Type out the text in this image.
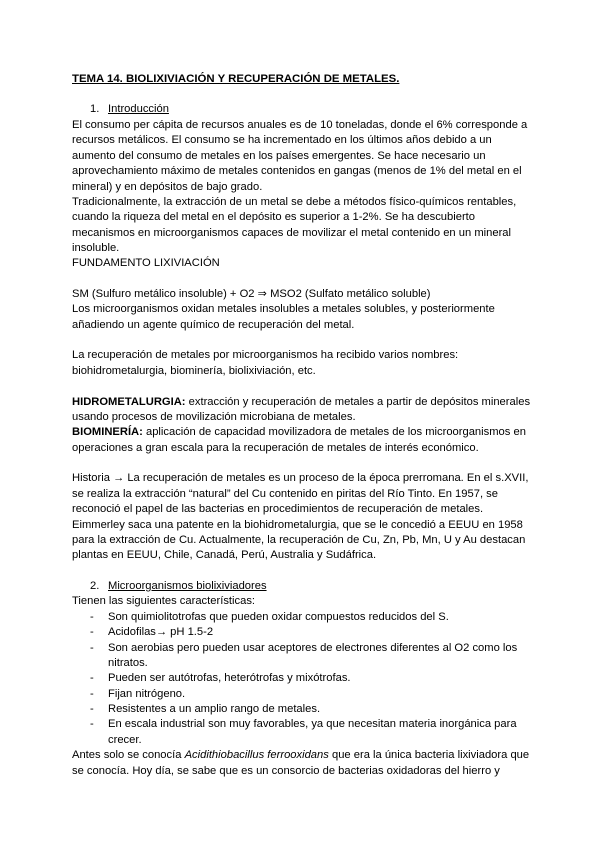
TEMA 14. BIOLIXIVIACIÓN Y RECUPERACIÓN DE METALES.
1. Introducción
El consumo per cápita de recursos anuales es de 10 toneladas, donde el 6% corresponde a
recursos metálicos. El consumo se ha incrementado en los últimos años debido a un
aumento del consumo de metales en los países emergentes. Se hace necesario un
aprovechamiento máximo de metales contenidos en gangas (menos de 1% del metal en el
mineral) y en depósitos de bajo grado.
Tradicionalmente, la extracción de un metal se debe a métodos físico-químicos rentables,
cuando la riqueza del metal en el depósito es superior a 1-2%. Se ha descubierto
mecanismos en microorganismos capaces de movilizar el metal contenido en un mineral
insoluble.
FUNDAMENTO LIXIVIACIÓN
SM (Sulfuro metálico insoluble) + O2 ⇒ MSO2 (Sulfato metálico soluble)
Los microorganismos oxidan metales insolubles a metales solubles, y posteriormente
añadiendo un agente químico de recuperación del metal.
La recuperación de metales por microorganismos ha recibido varios nombres:
biohidrometalurgia, biominería, biolixiviación, etc.
HIDROMETALURGIA: extracción y recuperación de metales a partir de depósitos minerales
usando procesos de movilización microbiana de metales.
BIOMINERÍA: aplicación de capacidad movilizadora de metales de los microorganismos en
operaciones a gran escala para la recuperación de metales de interés económico.
Historia → La recuperación de metales es un proceso de la época prerromana. En el s.XVII,
se realiza la extracción “natural” del Cu contenido en piritas del Río Tinto. En 1957, se
reconoció el papel de las bacterias en procedimientos de recuperación de metales.
Eimmerley saca una patente en la biohidrometalurgia, que se le concedió a EEUU en 1958
para la extracción de Cu. Actualmente, la recuperación de Cu, Zn, Pb, Mn, U y Au destacan
plantas en EEUU, Chile, Canadá, Perú, Australia y Sudáfrica.
2. Microorganismos biolixiviadores
Tienen las siguientes características:
- Son quimiolitotrofas que pueden oxidar compuestos reducidos del S.
- Acidofilas→ pH 1.5-2
- Son aerobias pero pueden usar aceptores de electrones diferentes al O2 como los
nitratos.
- Pueden ser autótrofas, heterótrofas y mixótrofas.
- Fijan nitrógeno.
- Resistentes a un amplio rango de metales.
- En escala industrial son muy favorables, ya que necesitan materia inorgánica para
crecer.
Antes solo se conocía Acidithiobacillus ferrooxidans que era la única bacteria lixiviadora que
se conocía. Hoy día, se sabe que es un consorcio de bacterias oxidadoras del hierro y
